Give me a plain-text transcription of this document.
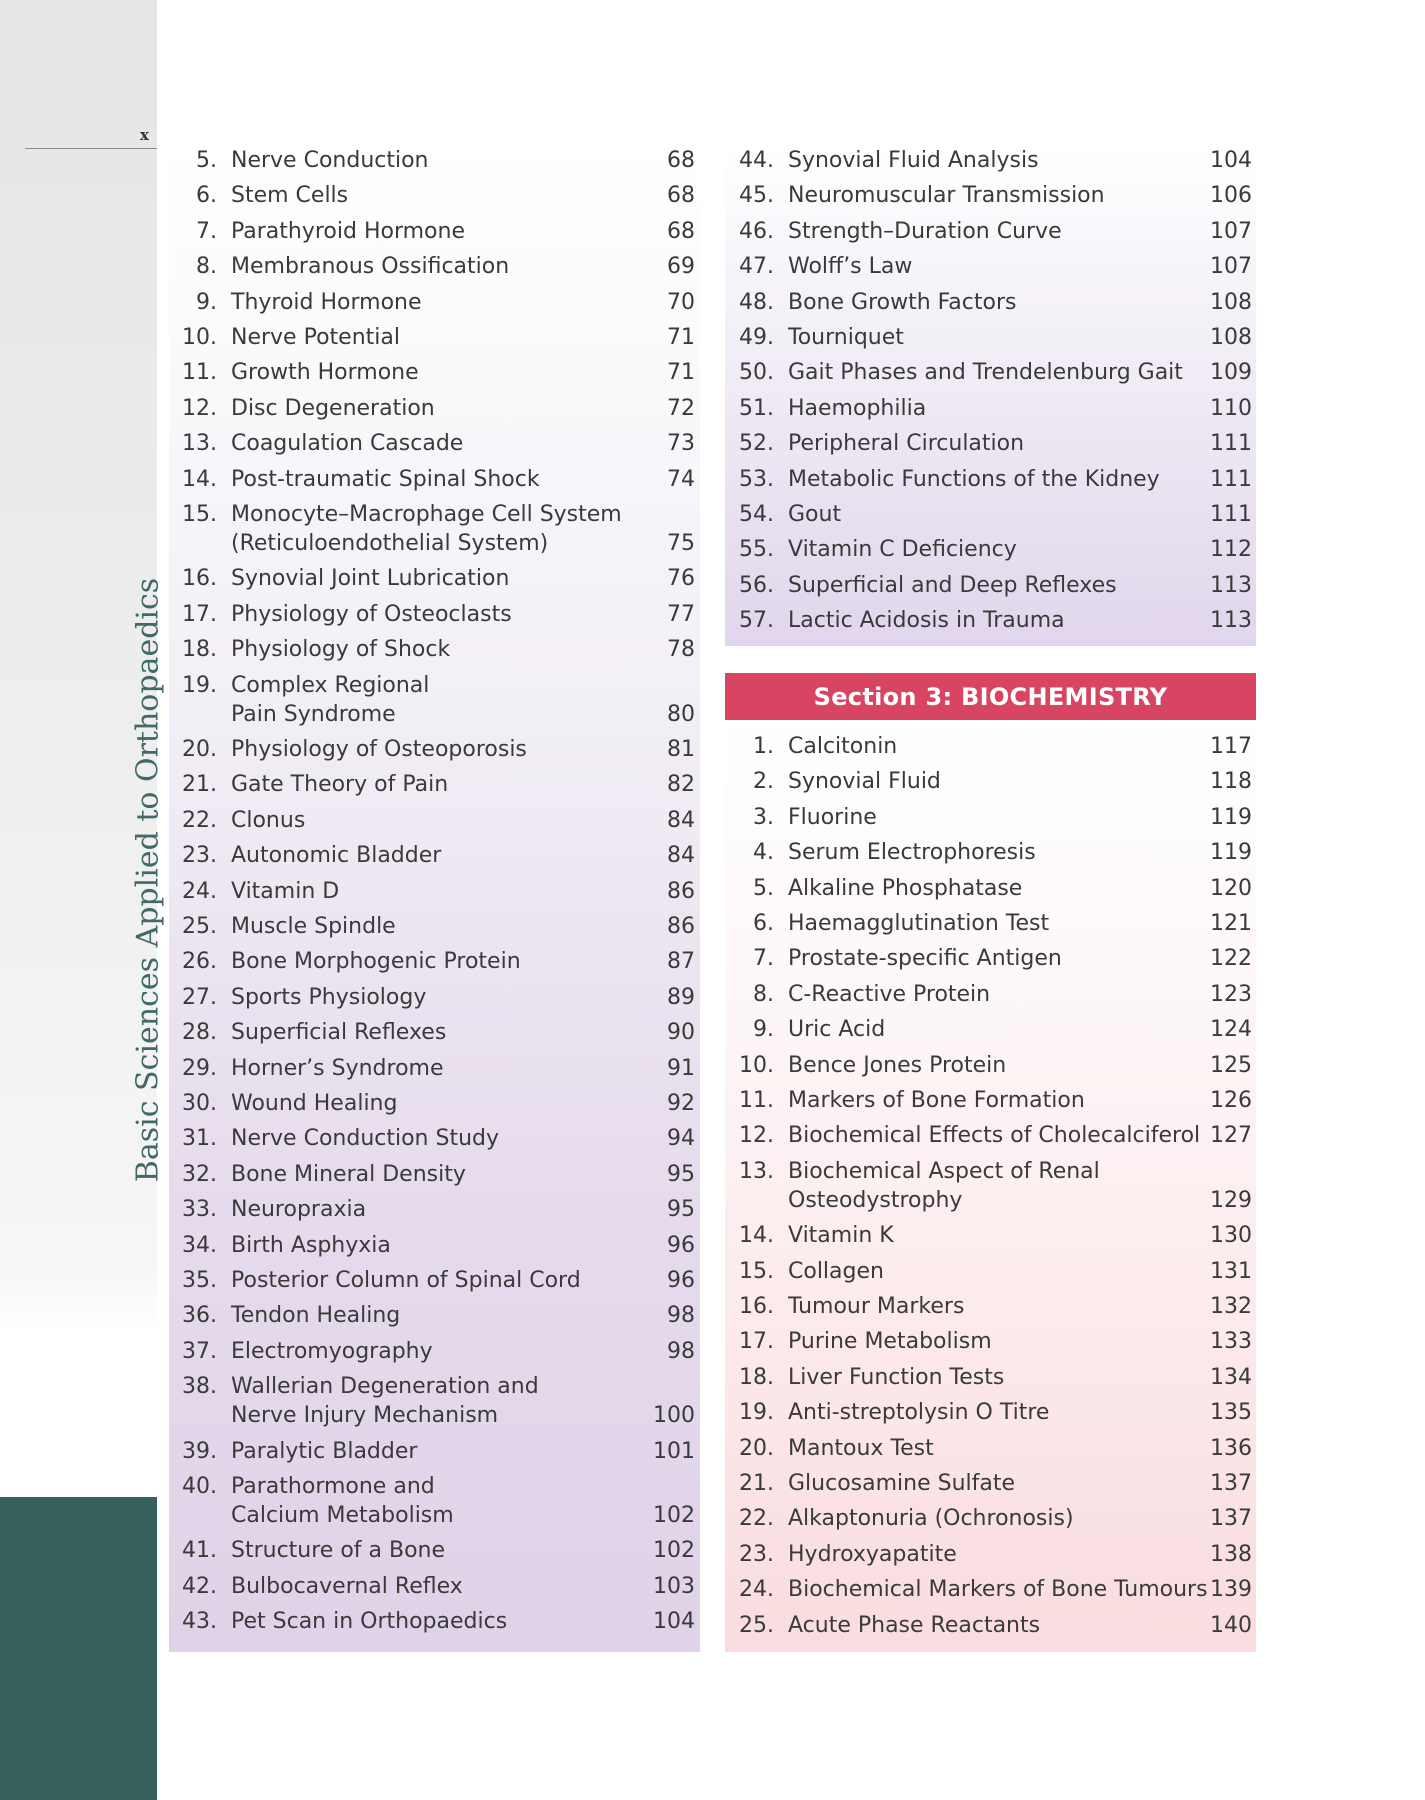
x
Basic Sciences Applied to Orthopaedics	Section 3: BIOCHEMISTRY
5. Nerve Conduction	68
6. Stem Cells	68
7. Parathyroid Hormone	68
8. Membranous Ossification	69
9. Thyroid Hormone	70
10. Nerve Potential	71
11. Growth Hormone	71
12. Disc Degeneration	72
13. Coagulation Cascade	73
14. Post-traumatic Spinal Shock	74
15. Monocyte–Macrophage Cell System
(Reticuloendothelial System)	75
16. Synovial Joint Lubrication	76
17. Physiology of Osteoclasts	77
18. Physiology of Shock	78
19. Complex Regional
Pain Syndrome	80
20. Physiology of Osteoporosis	81
21. Gate Theory of Pain	82
22. Clonus	84
23. Autonomic Bladder	84
24. Vitamin D	86
25. Muscle Spindle	86
26. Bone Morphogenic Protein	87
27. Sports Physiology	89
28. Superficial Reflexes	90
29. Horner’s Syndrome	91
30. Wound Healing	92
31. Nerve Conduction Study	94
32. Bone Mineral Density	95
33. Neuropraxia	95
34. Birth Asphyxia	96
35. Posterior Column of Spinal Cord	96
36. Tendon Healing	98
37. Electromyography	98
38. Wallerian Degeneration and
Nerve Injury Mechanism	100
39. Paralytic Bladder	101
40. Parathormone and
Calcium Metabolism	102
41. Structure of a Bone	102
42. Bulbocavernal Reflex	103
43. Pet Scan in Orthopaedics	104
44. Synovial Fluid Analysis	104
45. Neuromuscular Transmission	106
46. Strength–Duration Curve	107
47. Wolff’s Law	107
48. Bone Growth Factors	108
49. Tourniquet	108
50. Gait Phases and Trendelenburg Gait	109
51. Haemophilia	110
52. Peripheral Circulation	111
53. Metabolic Functions of the Kidney	111
54. Gout	111
55. Vitamin C Deficiency	112
56. Superficial and Deep Reflexes	113
57. Lactic Acidosis in Trauma	113
1. Calcitonin	117
2. Synovial Fluid	118
3. Fluorine	119
4. Serum Electrophoresis	119
5. Alkaline Phosphatase	120
6. Haemagglutination Test	121
7. Prostate-specific Antigen	122
8. C-Reactive Protein	123
9. Uric Acid	124
10. Bence Jones Protein	125
11. Markers of Bone Formation	126
12. Biochemical Effects of Cholecalciferol 127
13. Biochemical Aspect of Renal
Osteodystrophy	129
14. Vitamin K	130
15. Collagen	131
16. Tumour Markers	132
17. Purine Metabolism	133
18. Liver Function Tests	134
19. Anti-streptolysin O Titre	135
20. Mantoux Test	136
21. Glucosamine Sulfate	137
22. Alkaptonuria (Ochronosis)	137
23. Hydroxyapatite	138
24. Biochemical Markers of Bone Tumours 139
25. Acute Phase Reactants	140
